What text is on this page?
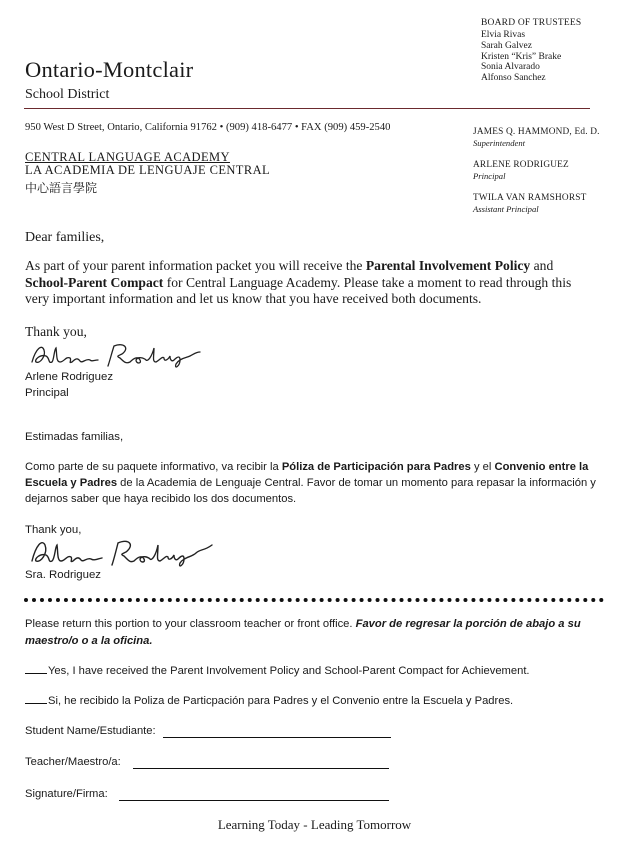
BOARD OF TRUSTEES
Elvia Rivas
Sarah Galvez
Kristen “Kris” Brake
Sonia Alvarado
Alfonso Sanchez
Ontario-Montclair
School District
950 West D Street, Ontario, California 91762 • (909) 418-6477 • FAX (909) 459-2540
CENTRAL LANGUAGE ACADEMY
LA ACADEMIA DE LENGUAJE CENTRAL
中心語言學院
JAMES Q. HAMMOND, Ed. D.
Superintendent
ARLENE RODRIGUEZ
Principal
TWILA VAN RAMSHORST
Assistant Principal
Dear families,

As part of your parent information packet you will receive the Parental Involvement Policy and School-Parent Compact for Central Language Academy. Please take a moment to read through this very important information and let us know that you have received both documents.

Thank you,
Arlene Rodriguez
Principal
Estimadas familias,

Como parte de su paquete informativo, va recibir la Póliza de Participación para Padres y el Convenio entre la Escuela y Padres de la Academia de Lenguaje Central. Favor de tomar un momento para repasar la información y dejarnos saber que haya recibido los dos documentos.

Thank you,
Sra. Rodriguez

Please return this portion to your classroom teacher or front office. Favor de regresar la porción de abajo a su maestro/o o a la oficina.

Yes, I have received the Parent Involvement Policy and School-Parent Compact for Achievement.
Si, he recibido la Poliza de Particpación para Padres y el Convenio entre la Escuela y Padres.
Student Name/Estudiante:
Teacher/Maestro/a:
Signature/Firma:
Learning Today - Leading Tomorrow
